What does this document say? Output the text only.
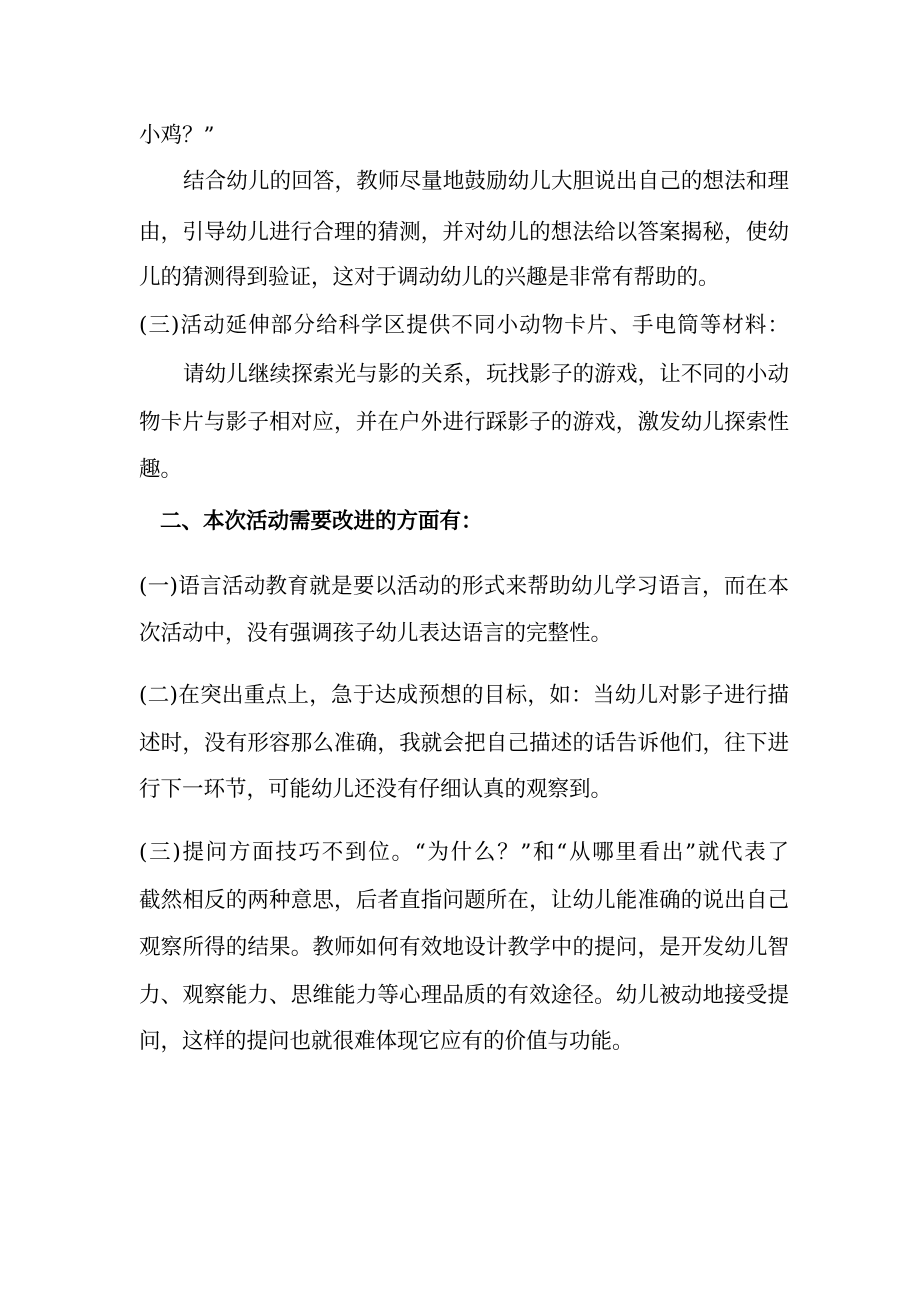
小鸡？”
结合幼儿的回答，教师尽量地鼓励幼儿大胆说出自己的想法和理
由，引导幼儿进行合理的猜测，并对幼儿的想法给以答案揭秘，使幼
儿的猜测得到验证，这对于调动幼儿的兴趣是非常有帮助的。
(三)活动延伸部分给科学区提供不同小动物卡片、手电筒等材料：
请幼儿继续探索光与影的关系，玩找影子的游戏，让不同的小动
物卡片与影子相对应，并在户外进行踩影子的游戏，激发幼儿探索性
趣。
二、本次活动需要改进的方面有：
(一)语言活动教育就是要以活动的形式来帮助幼儿学习语言，而在本
次活动中，没有强调孩子幼儿表达语言的完整性。
(二)在突出重点上，急于达成预想的目标，如：当幼儿对影子进行描
述时，没有形容那么准确，我就会把自己描述的话告诉他们，往下进
行下一环节，可能幼儿还没有仔细认真的观察到。
(三)提问方面技巧不到位。“为什么？”和“从哪里看出”就代表了
截然相反的两种意思，后者直指问题所在，让幼儿能准确的说出自己
观察所得的结果。教师如何有效地设计教学中的提问，是开发幼儿智
力、观察能力、思维能力等心理品质的有效途径。幼儿被动地接受提
问，这样的提问也就很难体现它应有的价值与功能。
